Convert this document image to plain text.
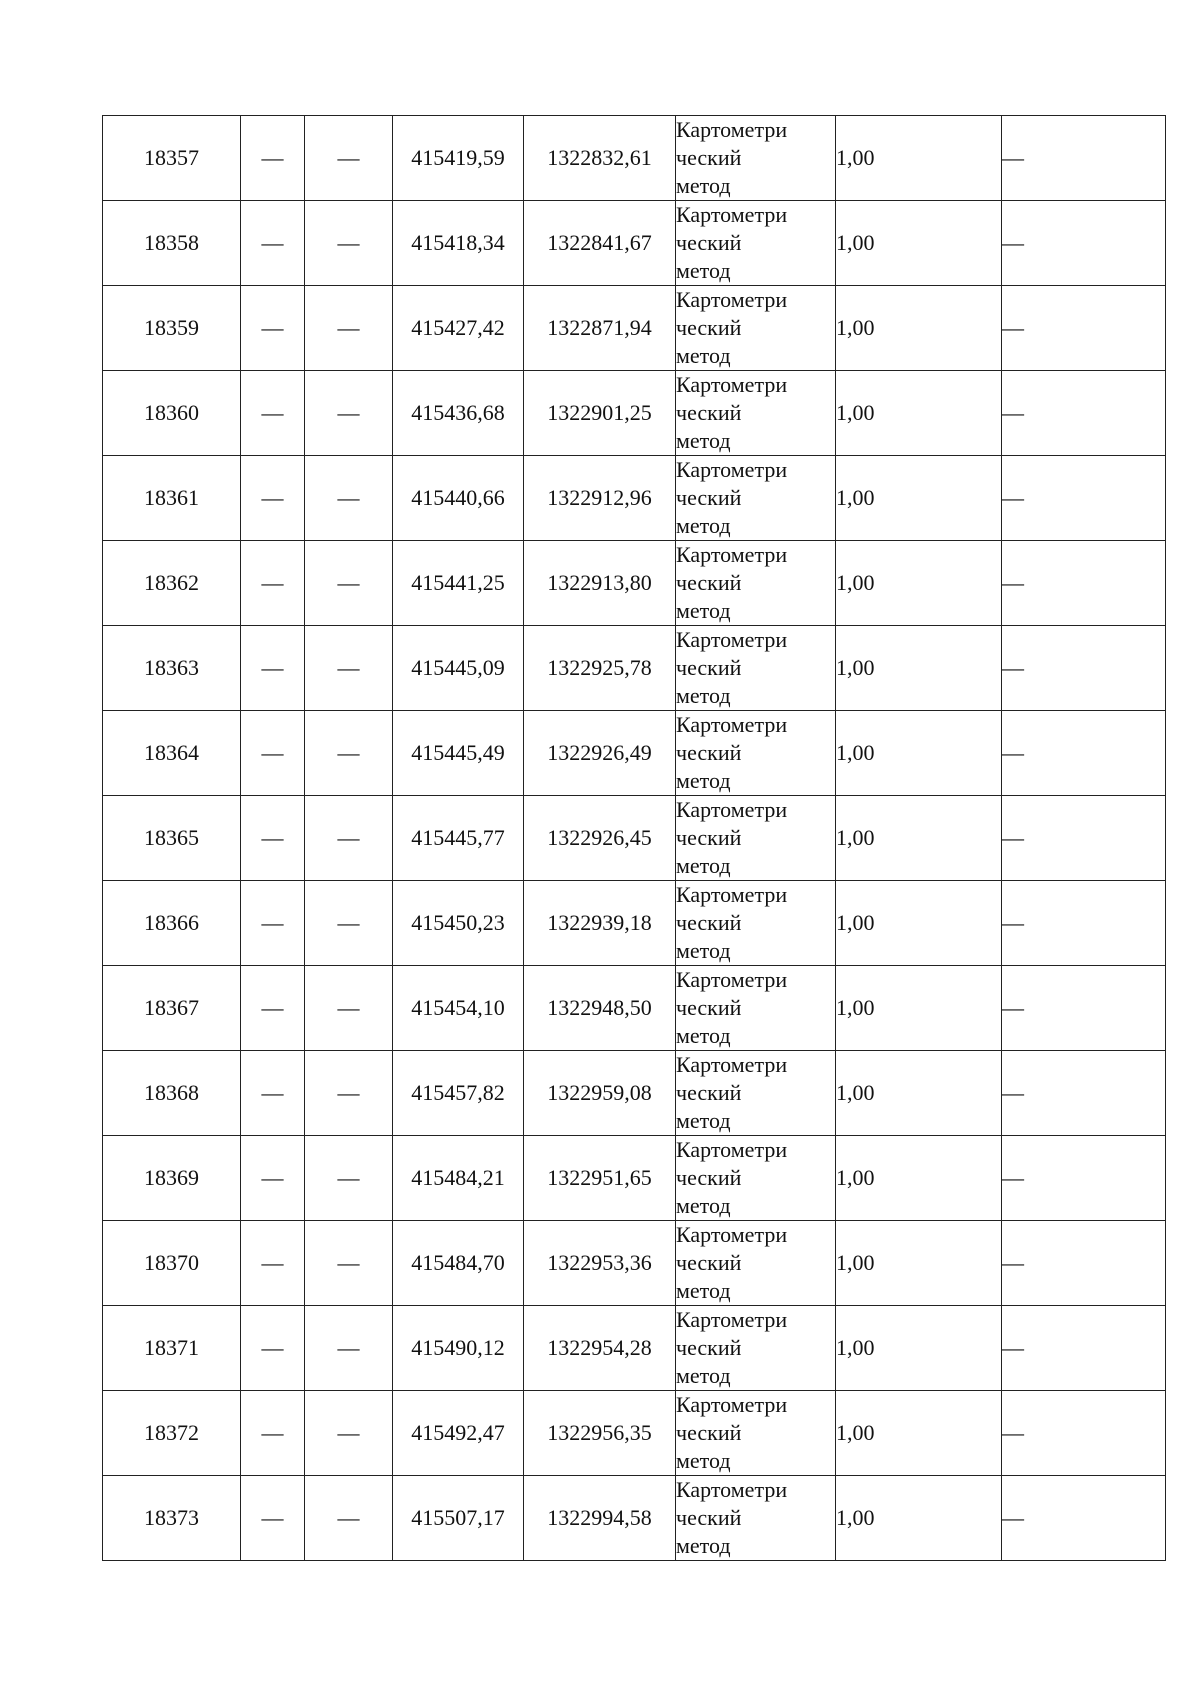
18357	—	—	415419,59	1322832,61	Картометри
ческий
метод	1,00	—
18358	—	—	415418,34	1322841,67	Картометри
ческий
метод	1,00	—
18359	—	—	415427,42	1322871,94	Картометри
ческий
метод	1,00	—
18360	—	—	415436,68	1322901,25	Картометри
ческий
метод	1,00	—
18361	—	—	415440,66	1322912,96	Картометри
ческий
метод	1,00	—
18362	—	—	415441,25	1322913,80	Картометри
ческий
метод	1,00	—
18363	—	—	415445,09	1322925,78	Картометри
ческий
метод	1,00	—
18364	—	—	415445,49	1322926,49	Картометри
ческий
метод	1,00	—
18365	—	—	415445,77	1322926,45	Картометри
ческий
метод	1,00	—
18366	—	—	415450,23	1322939,18	Картометри
ческий
метод	1,00	—
18367	—	—	415454,10	1322948,50	Картометри
ческий
метод	1,00	—
18368	—	—	415457,82	1322959,08	Картометри
ческий
метод	1,00	—
18369	—	—	415484,21	1322951,65	Картометри
ческий
метод	1,00	—
18370	—	—	415484,70	1322953,36	Картометри
ческий
метод	1,00	—
18371	—	—	415490,12	1322954,28	Картометри
ческий
метод	1,00	—
18372	—	—	415492,47	1322956,35	Картометри
ческий
метод	1,00	—
18373	—	—	415507,17	1322994,58	Картометри
ческий
метод	1,00	—
